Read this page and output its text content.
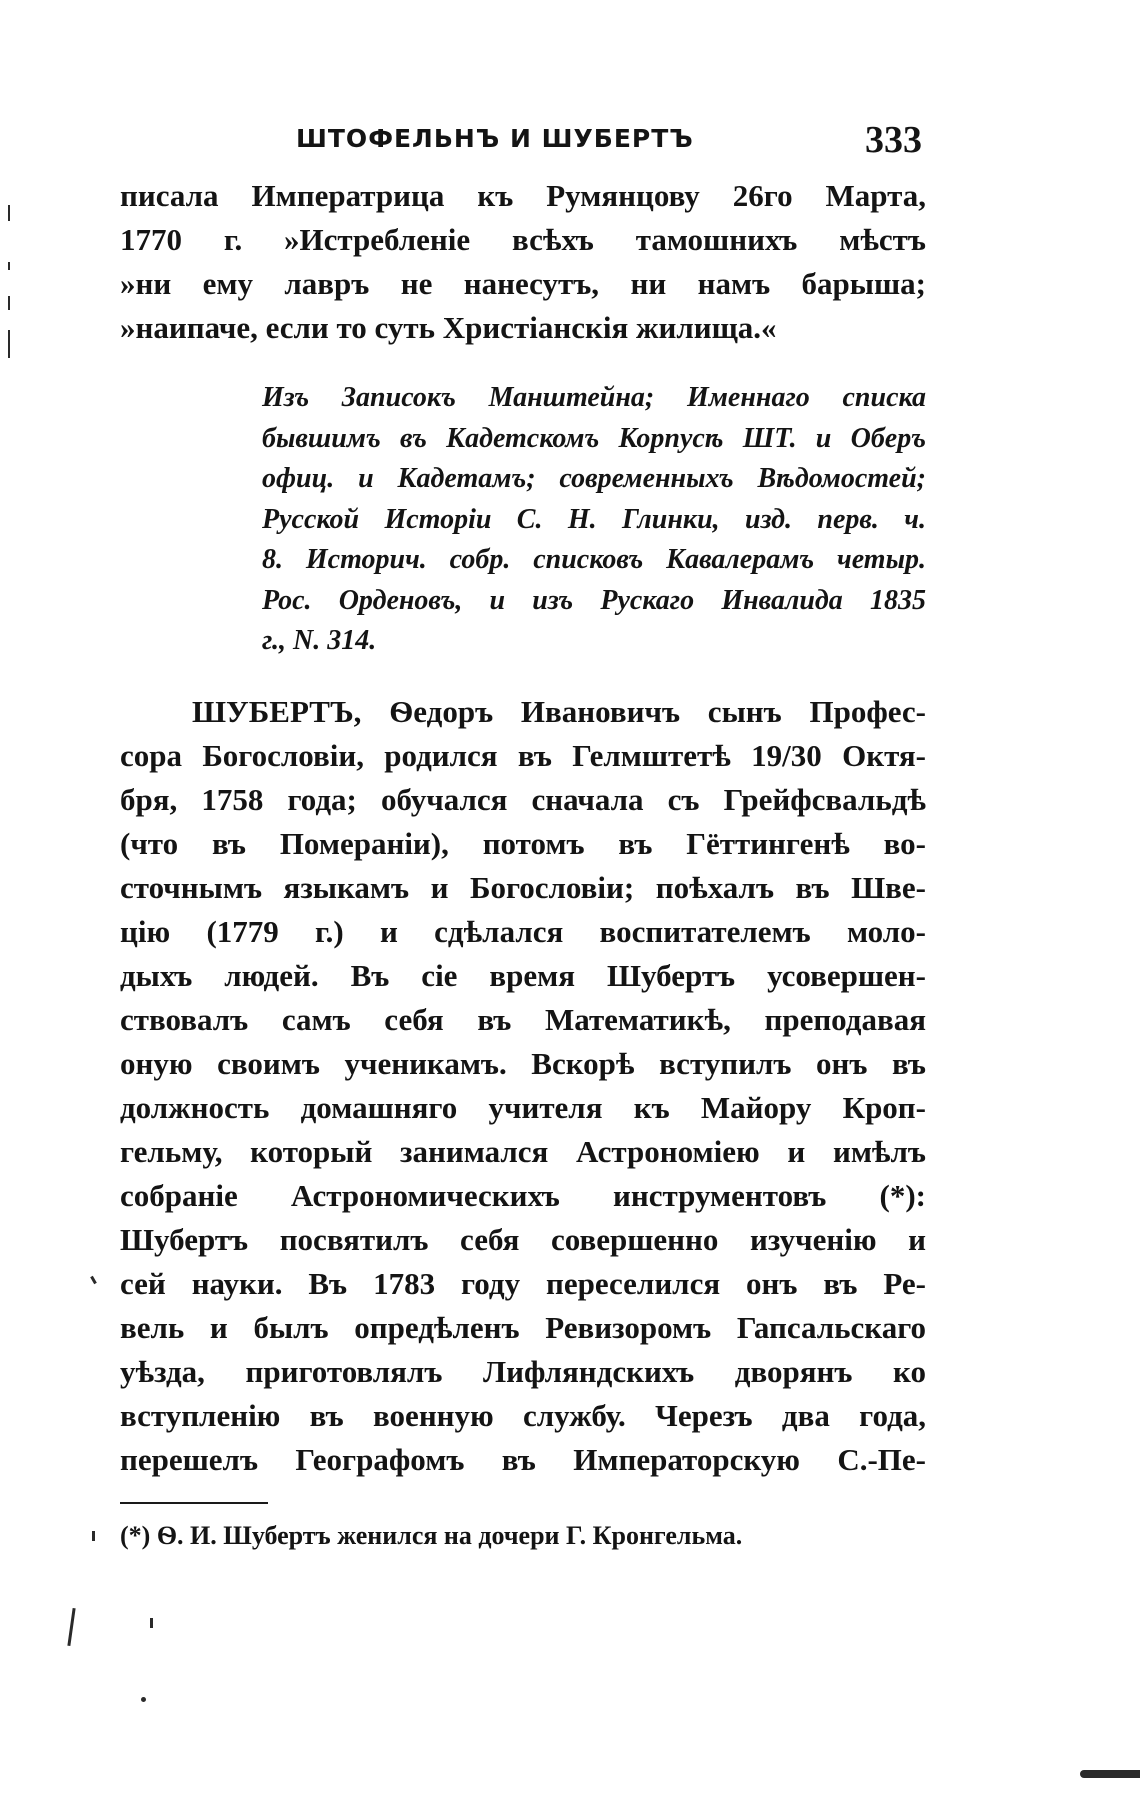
ШТОФЕЛЬНЪ И ШУБЕРТЪ	333
писала Императрица къ Румянцову 26го Марта,
1770 г. »Истребленіе всѣхъ тамошнихъ мѣстъ
»ни ему лавръ не нанесутъ, ни намъ барыша;
»наипаче, если то суть Христіанскія жилища.«
Изъ Записокъ Манштейна; Именнаго списка
бывшимъ въ Кадетскомъ Корпусѣ ШТ. и Оберъ
офиц. и Кадетамъ; современныхъ Вѣдомостей;
Русской Исторіи С. Н. Глинки, изд. перв. ч.
8. Историч. собр. списковъ Кавалерамъ четыр.
Рос. Орденовъ, и изъ Рускаго Инвалида 1835
г., N. 314.
ШУБЕРТЪ, Ѳедоръ Ивановичъ сынъ Профес-
сора Богословіи, родился въ Гелмштетѣ 19/30 Октя-
бря, 1758 года; обучался сначала съ Грейфсвальдѣ
(что въ Помераніи), потомъ въ Гёттингенѣ во-
сточнымъ языкамъ и Богословіи; поѣхалъ въ Шве-
цію (1779 г.) и сдѣлался воспитателемъ моло-
дыхъ людей. Въ сіе время Шубертъ усовершен-
ствовалъ самъ себя въ Математикѣ, преподавая
оную своимъ ученикамъ. Вскорѣ вступилъ онъ въ
должность домашняго учителя къ Майору Кроп-
гельму, который занимался Астрономіею и имѣлъ
собраніе Астрономическихъ инструментовъ (*):
Шубертъ посвятилъ себя совершенно изученію и
сей науки. Въ 1783 году переселился онъ въ Ре-
вель и былъ опредѣленъ Ревизоромъ Гапсальскаго
уѣзда, приготовлялъ Лифляндскихъ дворянъ ко
вступленію въ военную службу. Черезъ два года,
перешелъ Географомъ въ Императорскую С.-Пе-
(*) Ѳ. И. Шубертъ женился на дочери Г. Кронгельма.
